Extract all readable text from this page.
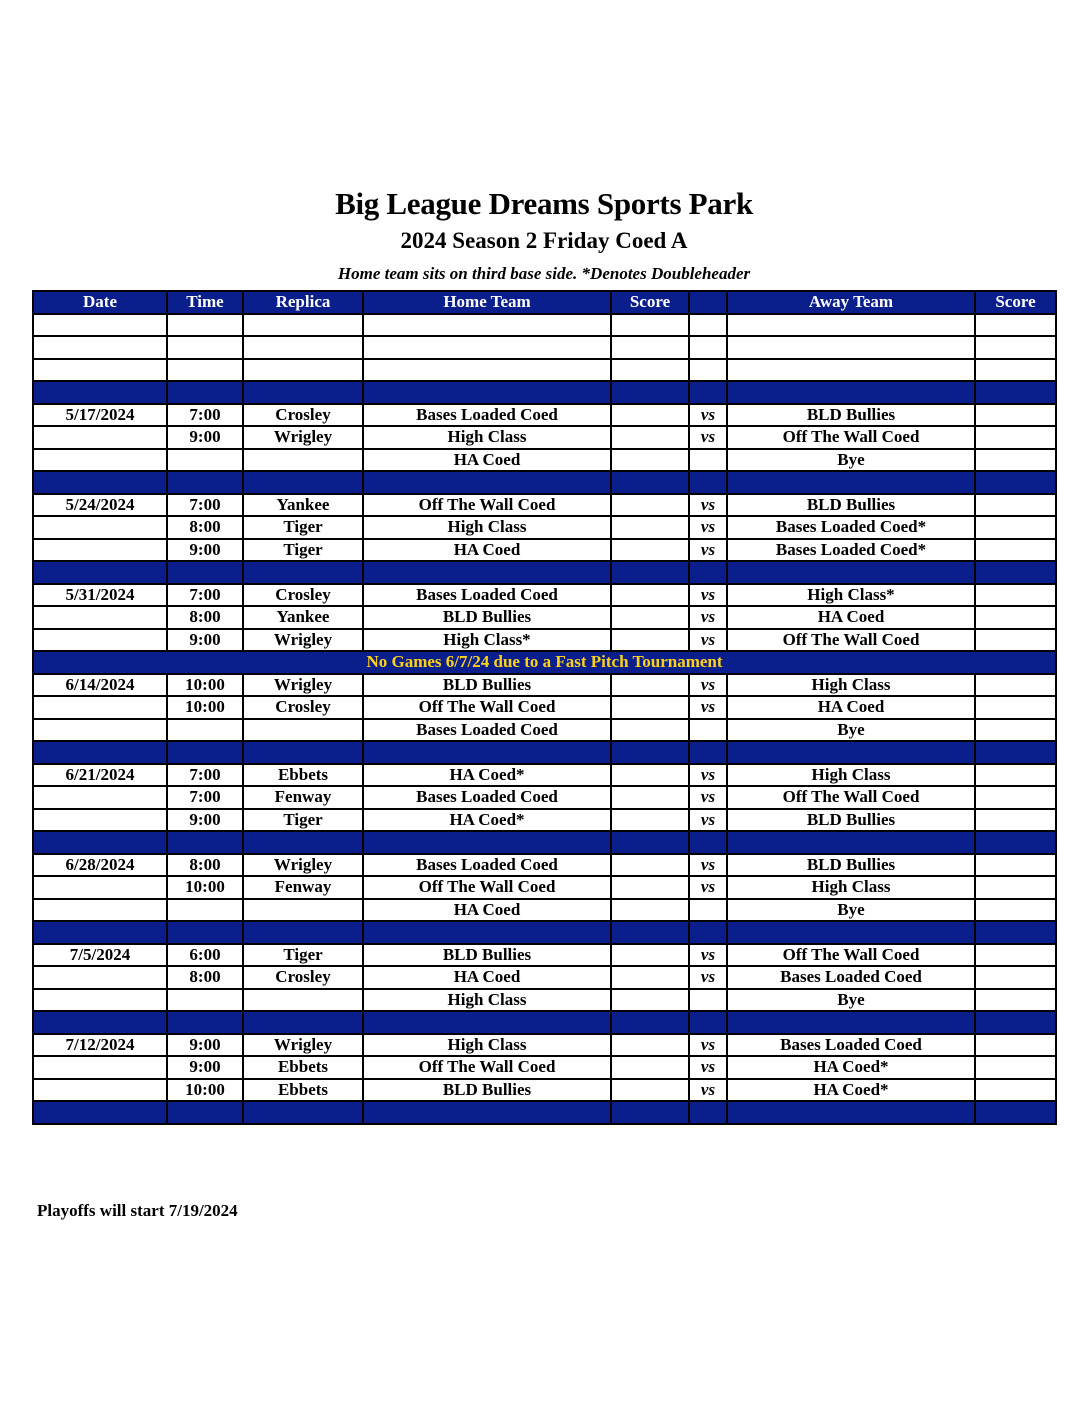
Big League Dreams Sports Park
2024 Season 2 Friday Coed A
Home team sits on third base side. *Denotes Doubleheader
Date	Time	Replica	Home Team	Score		Away Team	Score

5/17/2024	7:00	Crosley	Bases Loaded Coed		vs	BLD Bullies	
	9:00	Wrigley	High Class		vs	Off The Wall Coed	
			HA Coed			Bye	

5/24/2024	7:00	Yankee	Off The Wall Coed		vs	BLD Bullies	
	8:00	Tiger	High Class		vs	Bases Loaded Coed*	
	9:00	Tiger	HA Coed		vs	Bases Loaded Coed*	

5/31/2024	7:00	Crosley	Bases Loaded Coed		vs	High Class*	
	8:00	Yankee	BLD Bullies		vs	HA Coed	
	9:00	Wrigley	High Class*		vs	Off The Wall Coed	
No Games 6/7/24 due to a Fast Pitch Tournament							
6/14/2024	10:00	Wrigley	BLD Bullies		vs	High Class	
	10:00	Crosley	Off The Wall Coed		vs	HA Coed	
			Bases Loaded Coed			Bye	

6/21/2024	7:00	Ebbets	HA Coed*		vs	High Class	
	7:00	Fenway	Bases Loaded Coed		vs	Off The Wall Coed	
	9:00	Tiger	HA Coed*		vs	BLD Bullies	

6/28/2024	8:00	Wrigley	Bases Loaded Coed		vs	BLD Bullies	
	10:00	Fenway	Off The Wall Coed		vs	High Class	
			HA Coed			Bye	

7/5/2024	6:00	Tiger	BLD Bullies		vs	Off The Wall Coed	
	8:00	Crosley	HA Coed		vs	Bases Loaded Coed	
			High Class			Bye	

7/12/2024	9:00	Wrigley	High Class		vs	Bases Loaded Coed	
	9:00	Ebbets	Off The Wall Coed		vs	HA Coed*	
	10:00	Ebbets	BLD Bullies		vs	HA Coed*	

Playoffs will start 7/19/2024
